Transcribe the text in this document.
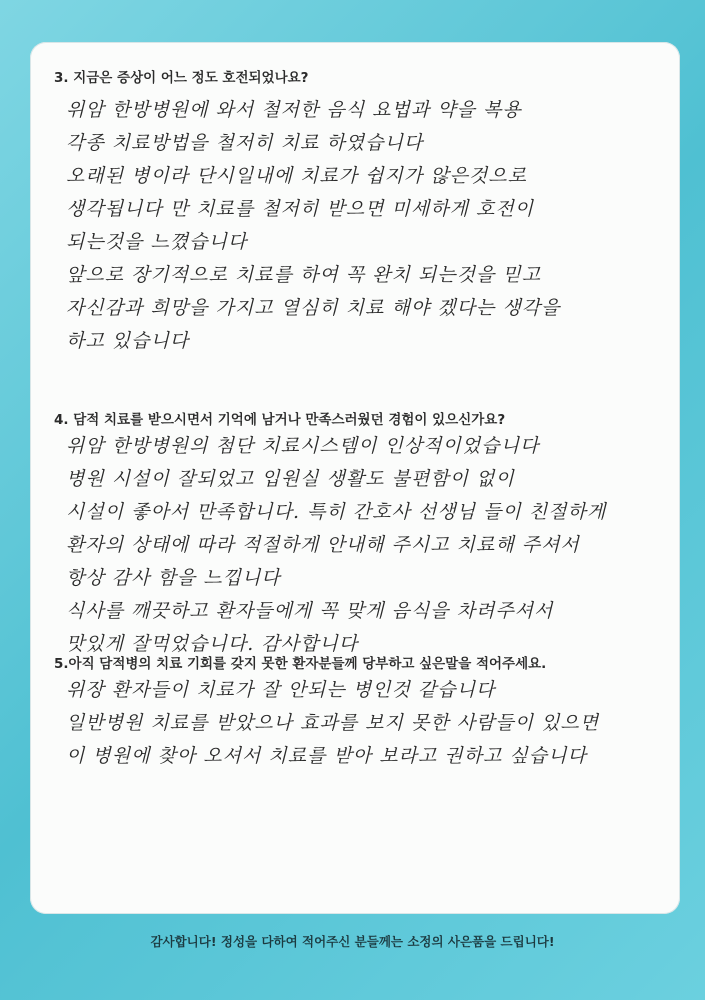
3. 지금은 증상이 어느 정도 호전되었나요?
위암 한방병원에 와서 철저한 음식 요법과 약을 복용
각종 치료방법을 철저히 치료 하였습니다
오래된 병이라 단시일내에 치료가 쉽지가 않은것으로
생각됩니다 만 치료를 철저히 받으면 미세하게 호전이
되는것을 느꼈습니다
앞으로 장기적으로 치료를 하여 꼭 완치 되는것을 믿고
자신감과 희망을 가지고 열심히 치료 해야 겠다는 생각을
하고 있습니다
4. 담적 치료를 받으시면서 기억에 남거나 만족스러웠던 경험이 있으신가요?
위암 한방병원의 첨단 치료시스템이 인상적이었습니다
병원 시설이 잘되었고 입원실 생활도 불편함이 없이
시설이 좋아서 만족합니다. 특히 간호사 선생님 들이 친절하게
환자의 상태에 따라 적절하게 안내해 주시고 치료해 주셔서
항상 감사 함을 느낍니다
식사를 깨끗하고 환자들에게 꼭 맞게 음식을 차려주셔서
맛있게 잘먹었습니다. 감사합니다
5.아직 담적병의 치료 기회를 갖지 못한 환자분들께 당부하고 싶은말을 적어주세요.
위장 환자들이 치료가 잘 안되는 병인것 같습니다
일반병원 치료를 받았으나 효과를 보지 못한 사람들이 있으면
이 병원에 찾아 오셔서 치료를 받아 보라고 권하고 싶습니다
감사합니다! 정성을 다하여 적어주신 분들께는 소정의 사은품을 드립니다!
